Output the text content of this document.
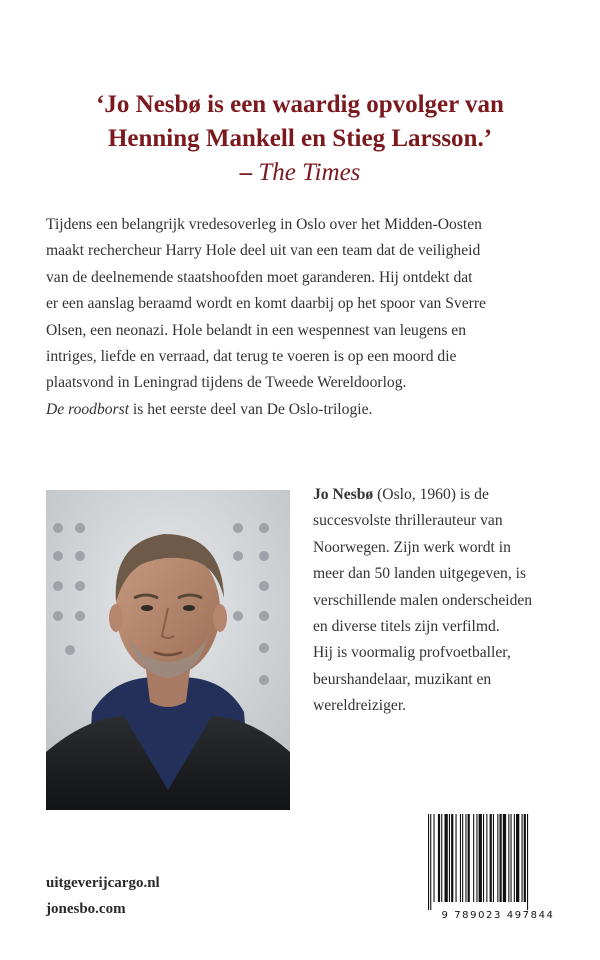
‘Jo Nesbø is een waardig opvolger van
Henning Mankell en Stieg Larsson.’
– The Times
Tijdens een belangrijk vredesoverleg in Oslo over het Midden-Oosten
maakt rechercheur Harry Hole deel uit van een team dat de veiligheid
van de deelnemende staatshoofden moet garanderen. Hij ontdekt dat
er een aanslag beraamd wordt en komt daarbij op het spoor van Sverre
Olsen, een neonazi. Hole belandt in een wespennest van leugens en
intriges, liefde en verraad, dat terug te voeren is op een moord die
plaatsvond in Leningrad tijdens de Tweede Wereldoorlog.
De roodborst is het eerste deel van De Oslo-trilogie.
Jo Nesbø (Oslo, 1960) is de
succesvolste thrillerauteur van
Noorwegen. Zijn werk wordt in
meer dan 50 landen uitgegeven, is
verschillende malen onderscheiden
en diverse titels zijn verfilmd.
Hij is voormalig profvoetballer,
beurshandelaar, muzikant en
wereldreiziger.
uitgeverijcargo.nl
jonesbo.com	9 789023 497844
